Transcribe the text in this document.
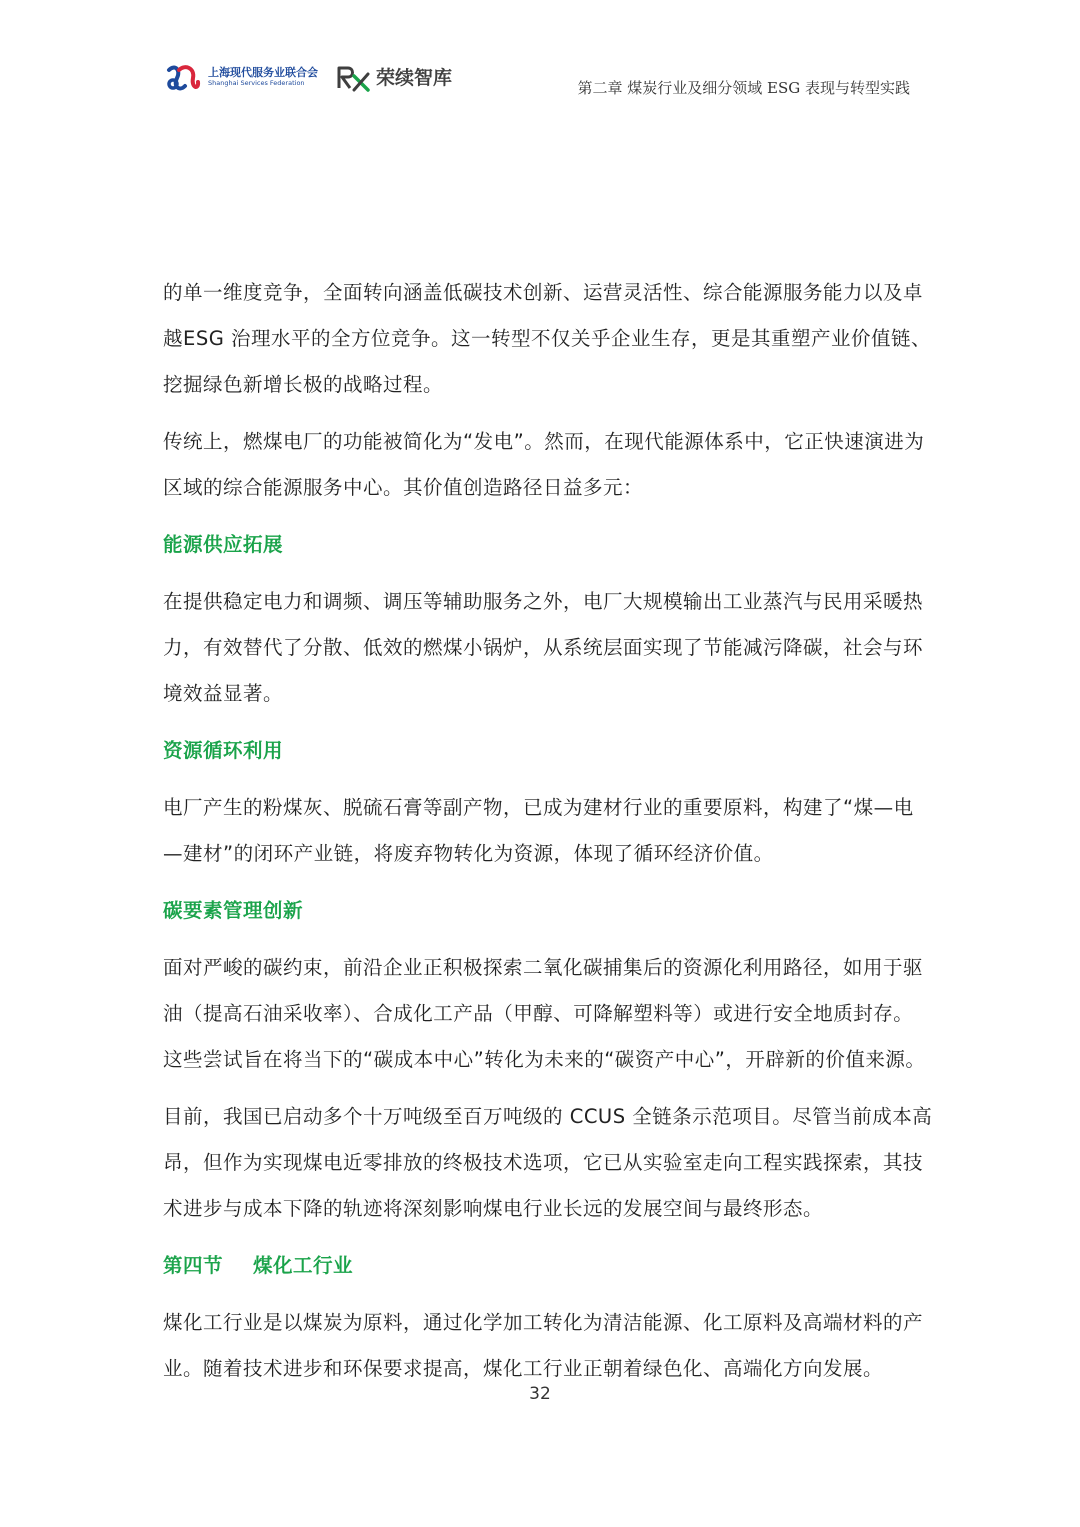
上海现代服务业联合会
Shanghai Services Federation	荣续智库	第二章 煤炭行业及细分领域 ESG 表现与转型实践

的单一维度竞争，全面转向涵盖低碳技术创新、运营灵活性、综合能源服务能力以及卓越ESG 治理水平的全方位竞争。这一转型不仅关乎企业生存，更是其重塑产业价值链、挖掘绿色新增长极的战略过程。

传统上，燃煤电厂的功能被简化为“发电”。然而，在现代能源体系中，它正快速演进为区域的综合能源服务中心。其价值创造路径日益多元：

能源供应拓展

在提供稳定电力和调频、调压等辅助服务之外，电厂大规模输出工业蒸汽与民用采暖热力，有效替代了分散、低效的燃煤小锅炉，从系统层面实现了节能减污降碳，社会与环境效益显著。

资源循环利用

电厂产生的粉煤灰、脱硫石膏等副产物，已成为建材行业的重要原料，构建了“煤—电—建材”的闭环产业链，将废弃物转化为资源，体现了循环经济价值。

碳要素管理创新

面对严峻的碳约束，前沿企业正积极探索二氧化碳捕集后的资源化利用路径，如用于驱油（提高石油采收率）、合成化工产品（甲醇、可降解塑料等）或进行安全地质封存。这些尝试旨在将当下的“碳成本中心”转化为未来的“碳资产中心”，开辟新的价值来源。

目前，我国已启动多个十万吨级至百万吨级的 CCUS 全链条示范项目。尽管当前成本高昂，但作为实现煤电近零排放的终极技术选项，它已从实验室走向工程实践探索，其技术进步与成本下降的轨迹将深刻影响煤电行业长远的发展空间与最终形态。

第四节 煤化工行业

煤化工行业是以煤炭为原料，通过化学加工转化为清洁能源、化工原料及高端材料的产业。随着技术进步和环保要求提高，煤化工行业正朝着绿色化、高端化方向发展。

32
